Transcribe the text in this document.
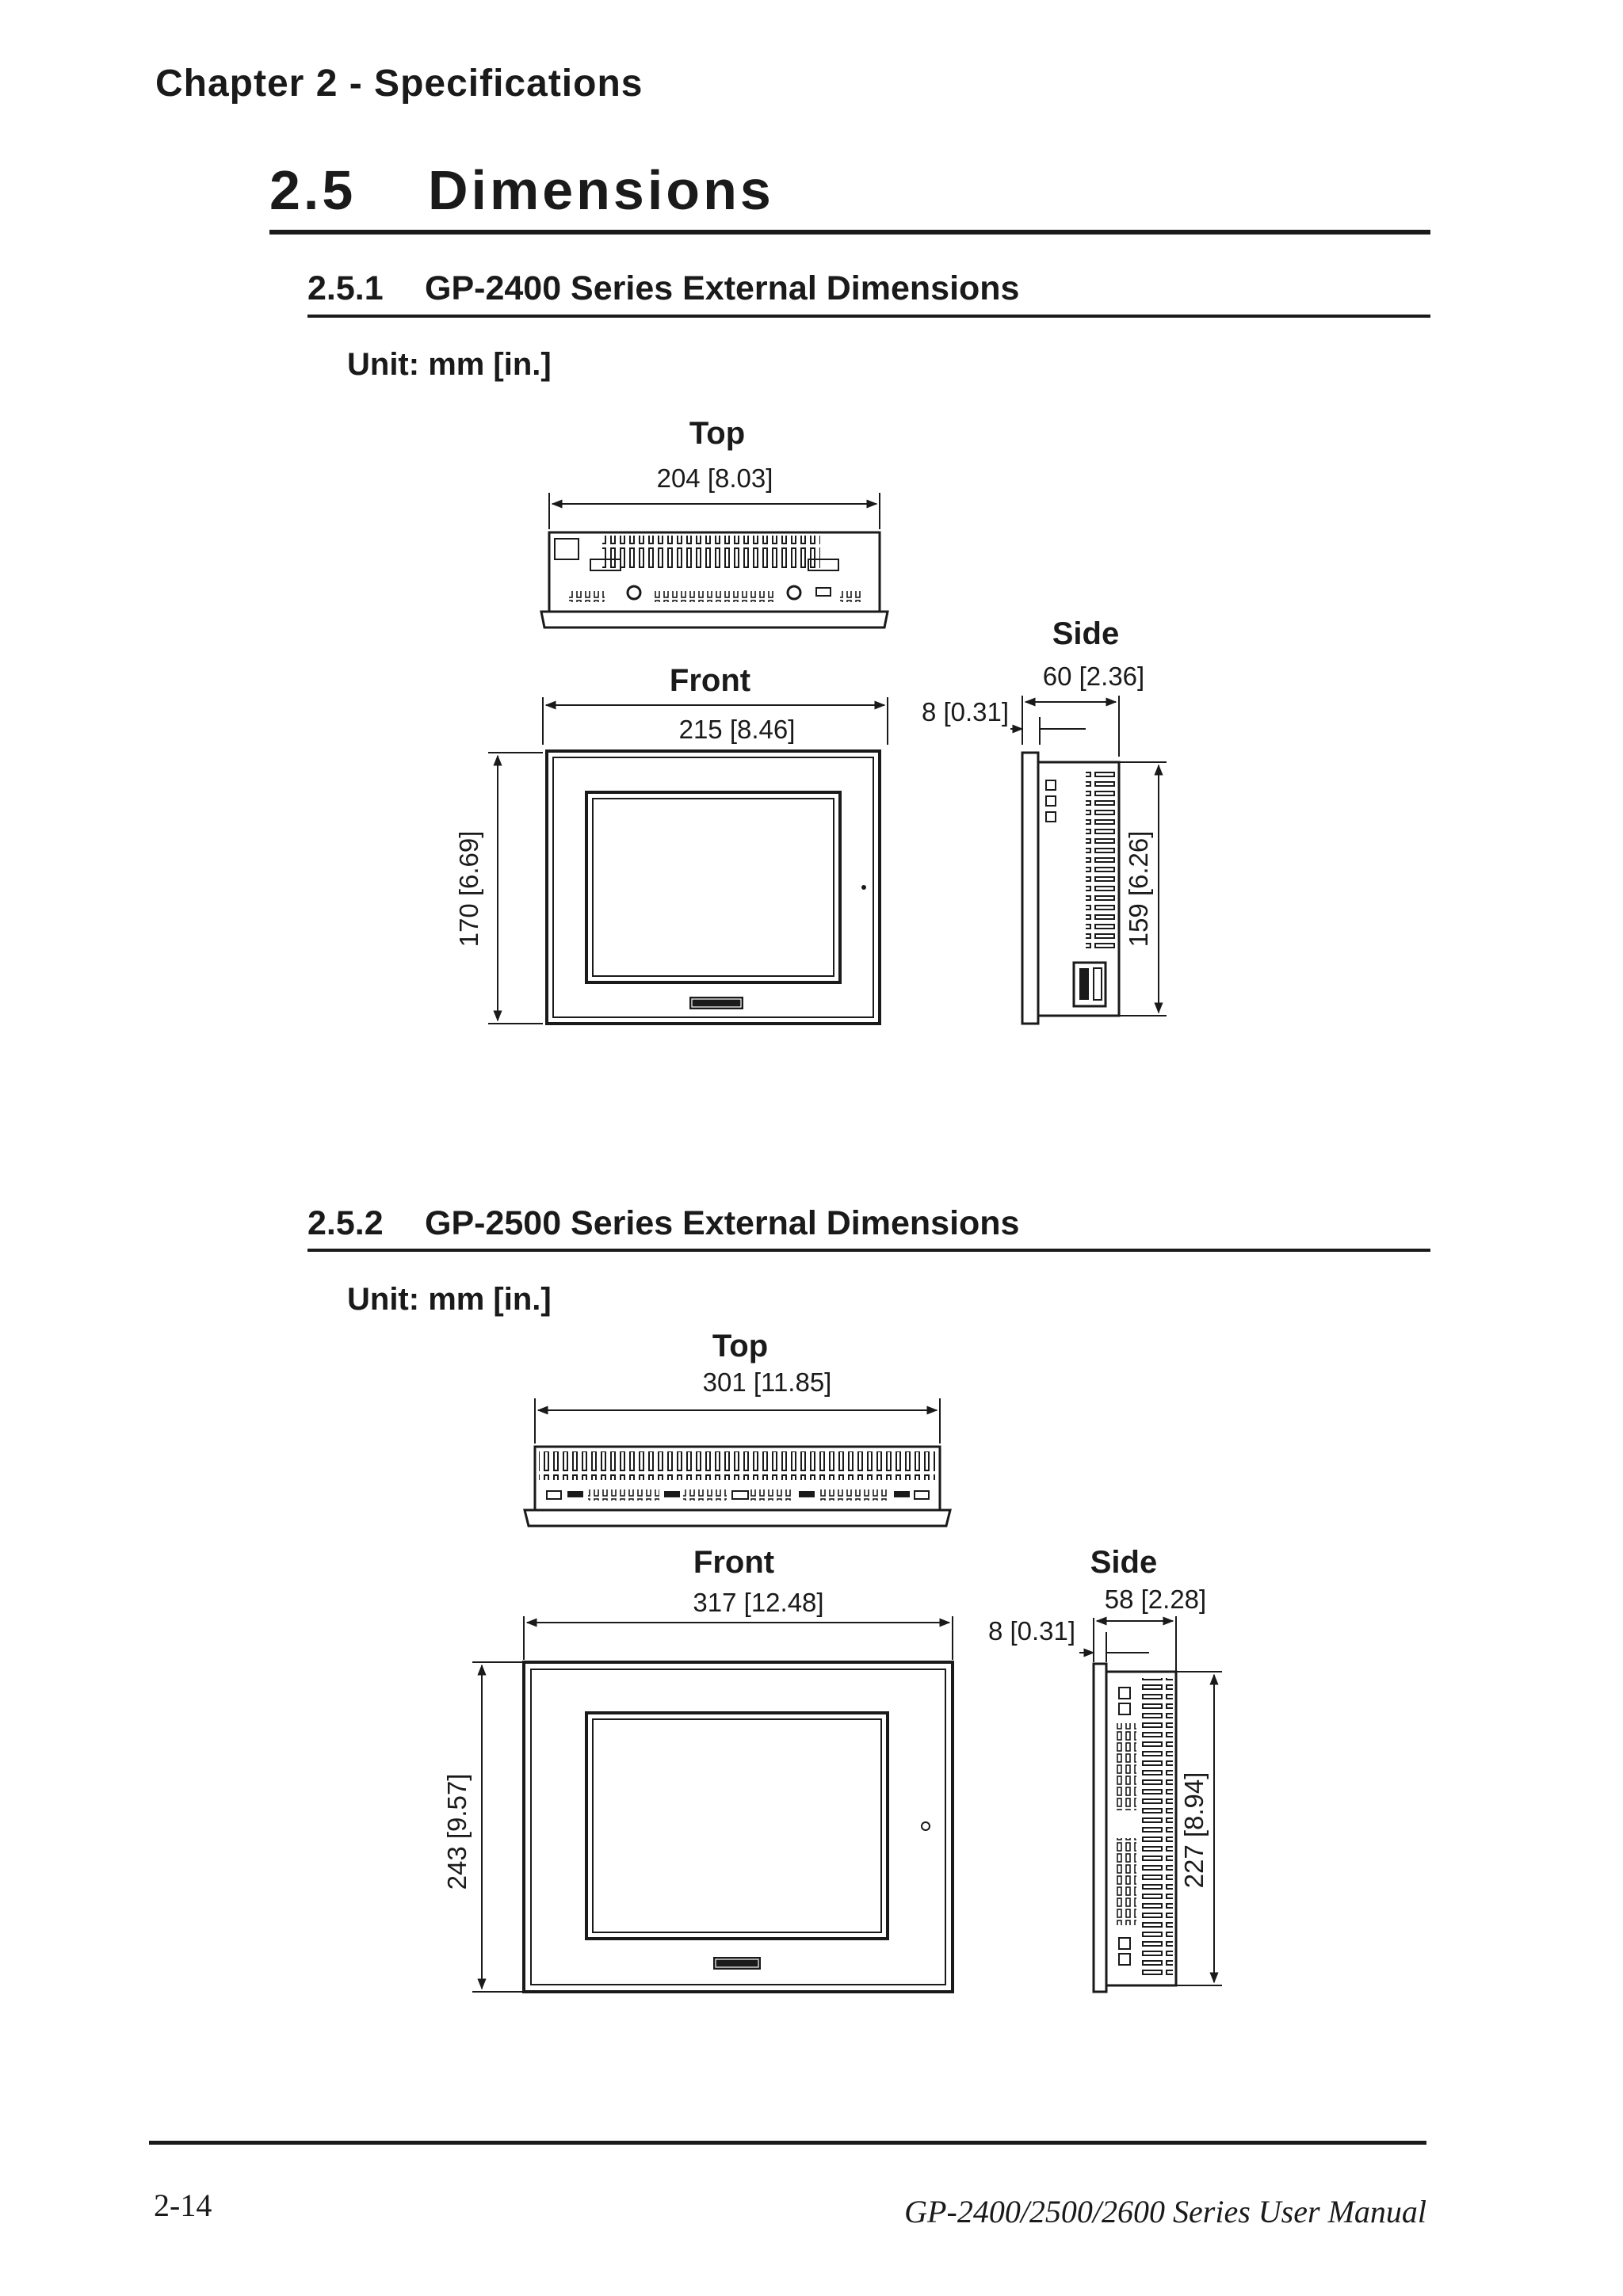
Chapter 2 - Specifications
2.5 Dimensions
2.5.1 GP-2400 Series External Dimensions
Unit: mm [in.]
2.5.2 GP-2500 Series External Dimensions
Unit: mm [in.]
Top
204 [8.03]
Front
215 [8.46]
170 [6.69]
Side
60 [2.36]
8 [0.31]
159 [6.26]
Top
301 [11.85]
Front
317 [12.48]
243 [9.57]
Side
58 [2.28]
8 [0.31]
227 [8.94]
2-14	GP-2400/2500/2600 Series User Manual
